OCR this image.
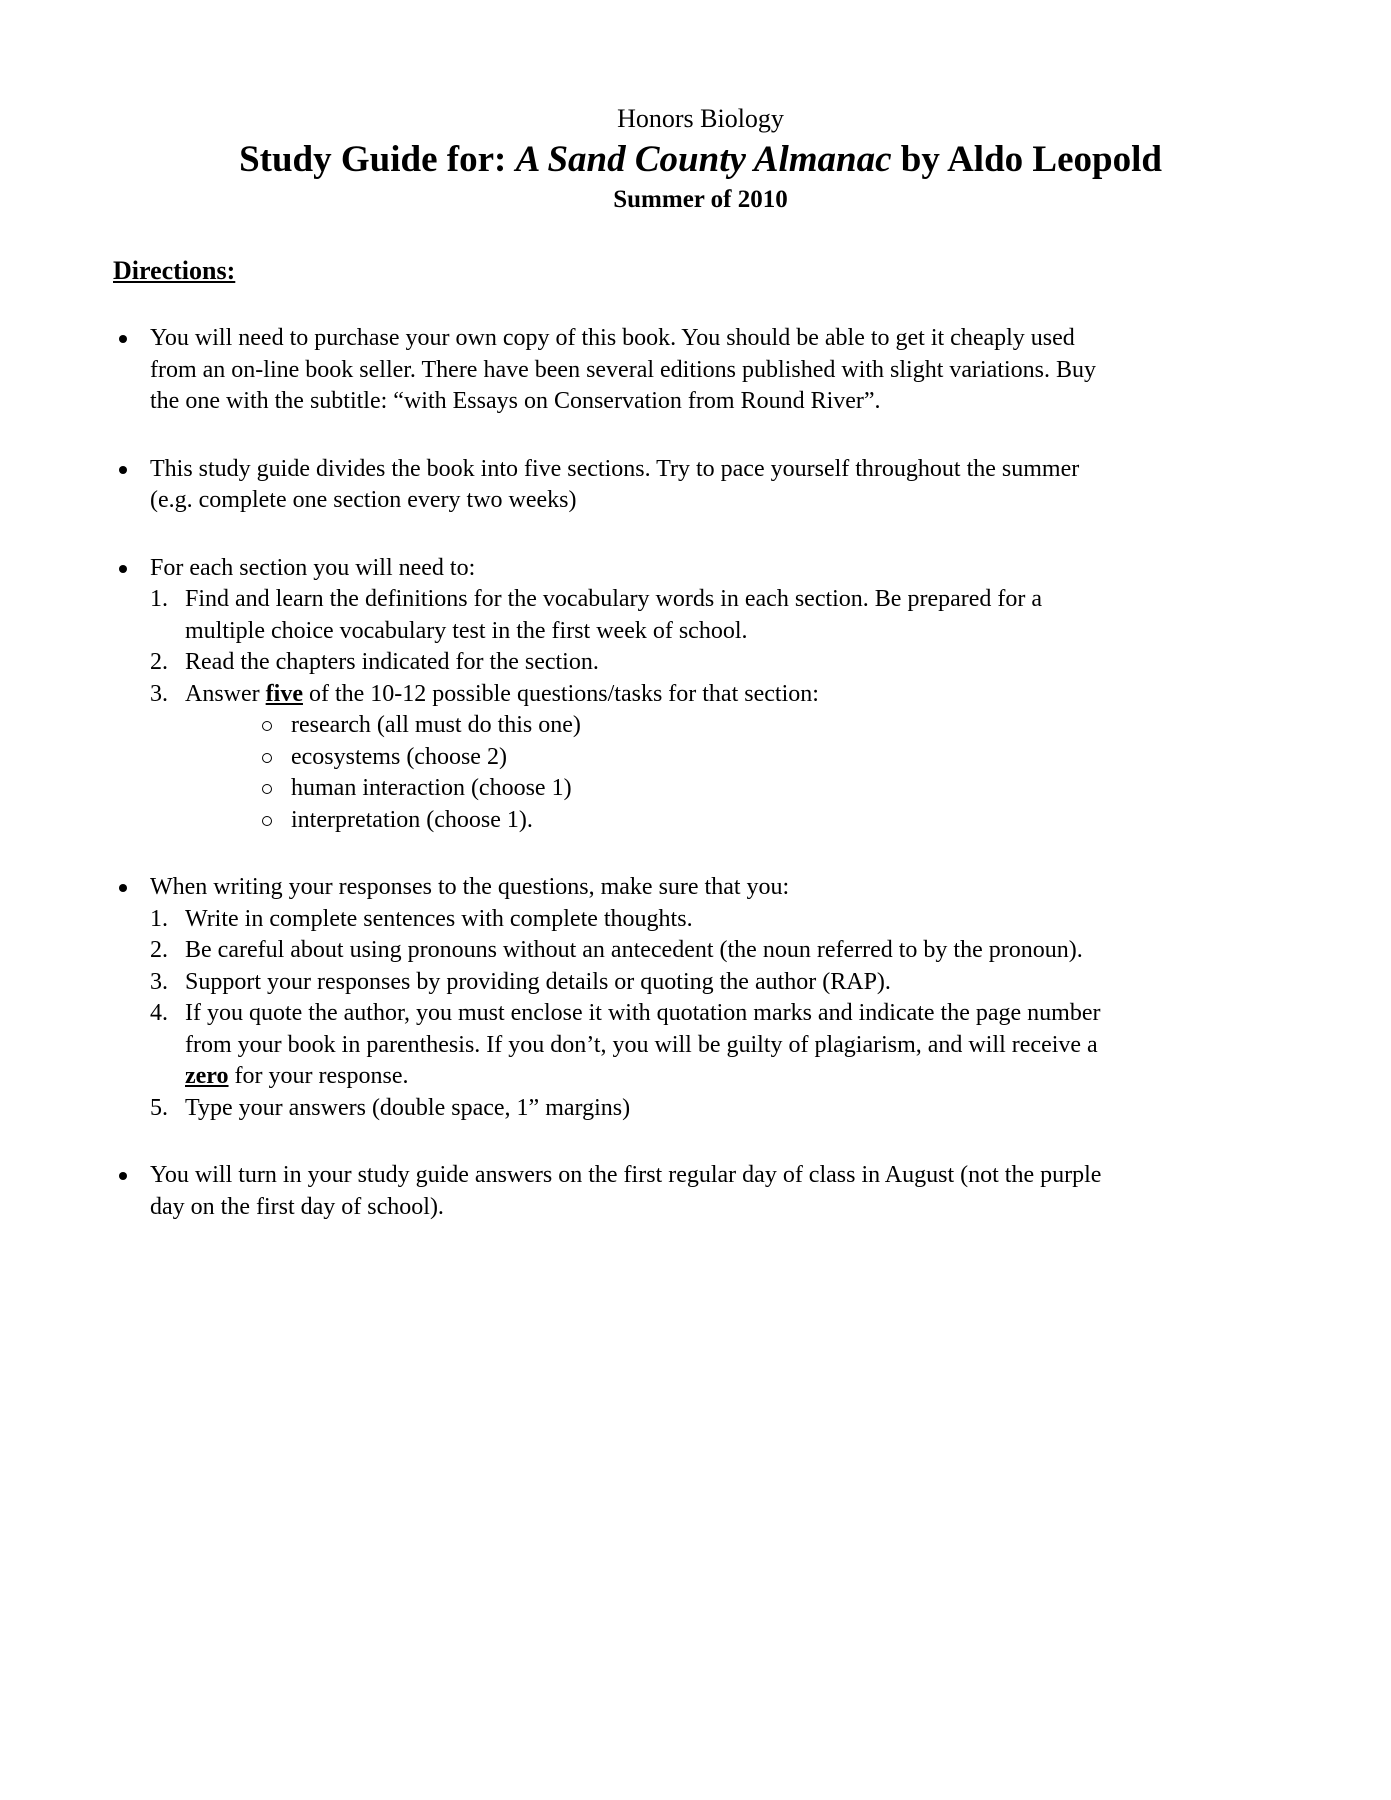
Honors Biology
Study Guide for: A Sand County Almanac by Aldo Leopold
Summer of 2010
Directions:
You will need to purchase your own copy of this book. You should be able to get it cheaply used
from an on-line book seller. There have been several editions published with slight variations. Buy
the one with the subtitle: “with Essays on Conservation from Round River”.
This study guide divides the book into five sections. Try to pace yourself throughout the summer
(e.g. complete one section every two weeks)
For each section you will need to:
1. Find and learn the definitions for the vocabulary words in each section. Be prepared for a
multiple choice vocabulary test in the first week of school.
2. Read the chapters indicated for the section.
3. Answer five of the 10-12 possible questions/tasks for that section:
research (all must do this one)
ecosystems (choose 2)
human interaction (choose 1)
interpretation (choose 1).
When writing your responses to the questions, make sure that you:
1. Write in complete sentences with complete thoughts.
2. Be careful about using pronouns without an antecedent (the noun referred to by the pronoun).
3. Support your responses by providing details or quoting the author (RAP).
4. If you quote the author, you must enclose it with quotation marks and indicate the page number
from your book in parenthesis. If you don’t, you will be guilty of plagiarism, and will receive a
zero for your response.
5. Type your answers (double space, 1” margins)
You will turn in your study guide answers on the first regular day of class in August (not the purple
day on the first day of school).
